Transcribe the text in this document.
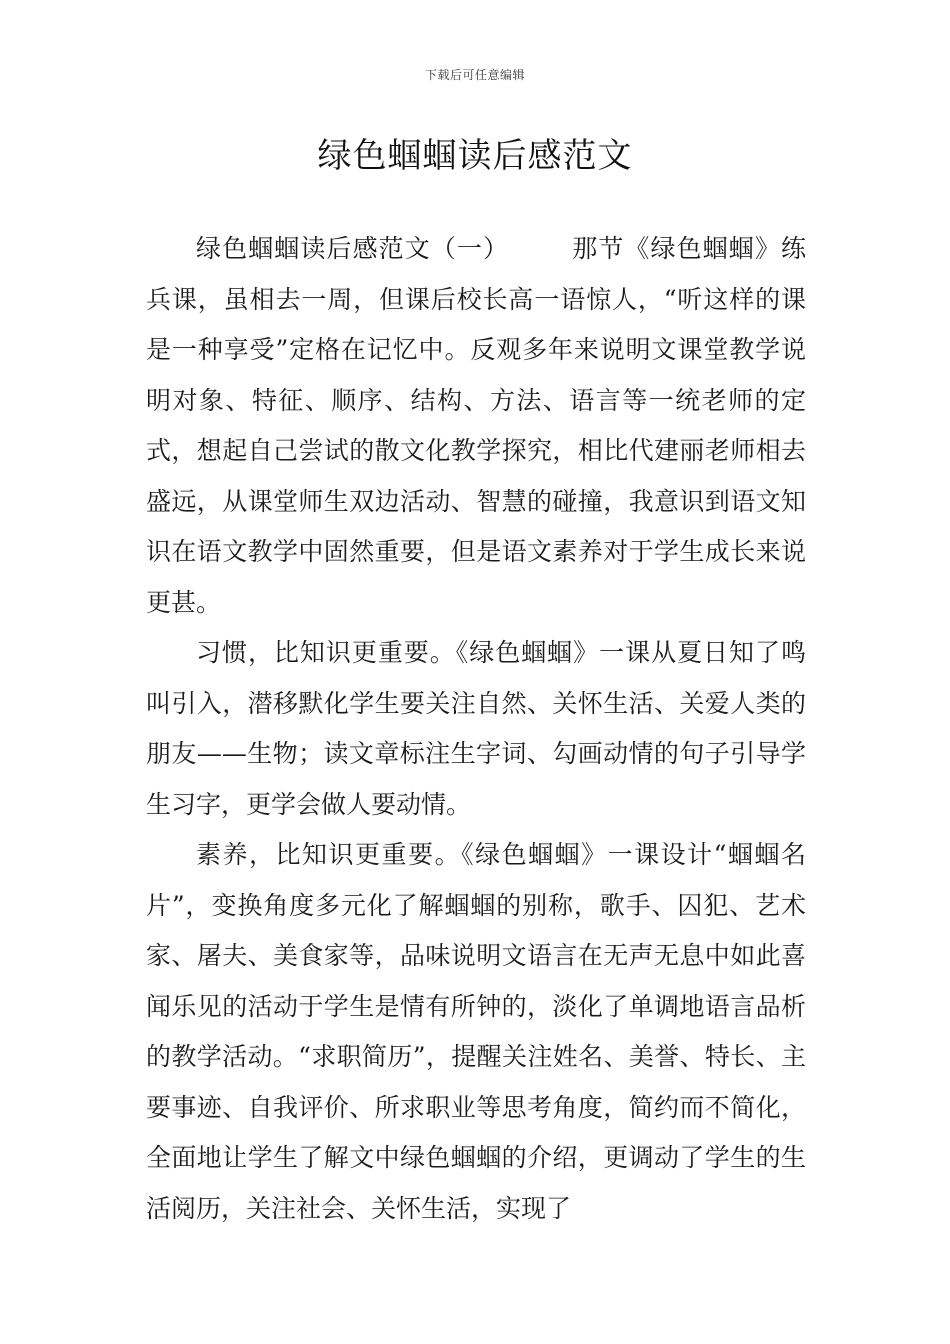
下载后可任意编辑
绿色蝈蝈读后感范文

绿色蝈蝈读后感范文（一） 那节《绿色蝈蝈》练兵课，虽相去一周，但课后校长高一语惊人，“听这样的课是一种享受”定格在记忆中。反观多年来说明文课堂教学说明对象、特征、顺序、结构、方法、语言等一统老师的定式，想起自己尝试的散文化教学探究，相比代建丽老师相去盛远，从课堂师生双边活动、智慧的碰撞，我意识到语文知识在语文教学中固然重要，但是语文素养对于学生成长来说更甚。

习惯，比知识更重要。《绿色蝈蝈》一课从夏日知了鸣叫引入，潜移默化学生要关注自然、关怀生活、关爱人类的朋友——生物；读文章标注生字词、勾画动情的句子引导学生习字，更学会做人要动情。

素养，比知识更重要。《绿色蝈蝈》一课设计“蝈蝈名片”，变换角度多元化了解蝈蝈的别称，歌手、囚犯、艺术家、屠夫、美食家等，品味说明文语言在无声无息中如此喜闻乐见的活动于学生是情有所钟的，淡化了单调地语言品析的教学活动。“求职简历”，提醒关注姓名、美誉、特长、主要事迹、自我评价、所求职业等思考角度，简约而不简化，全面地让学生了解文中绿色蝈蝈的介绍，更调动了学生的生活阅历，关注社会、关怀生活，实现了
